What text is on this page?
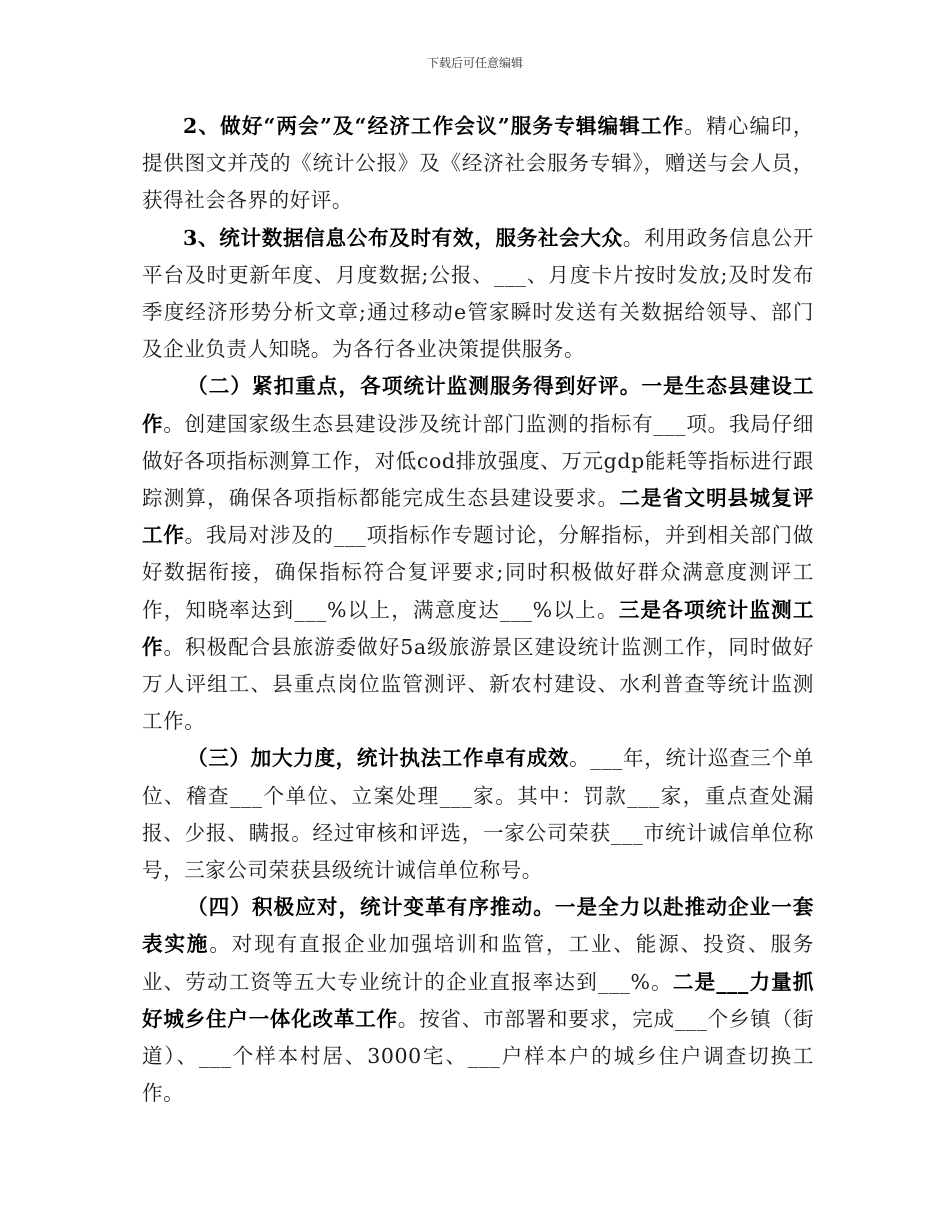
下载后可任意编辑

2、做好“两会”及“经济工作会议”服务专辑编辑工作。精心编印，提供图文并茂的《统计公报》及《经济社会服务专辑》，赠送与会人员，获得社会各界的好评。

3、统计数据信息公布及时有效，服务社会大众。利用政务信息公开平台及时更新年度、月度数据;公报、___、月度卡片按时发放;及时发布季度经济形势分析文章;通过移动e管家瞬时发送有关数据给领导、部门及企业负责人知晓。为各行各业决策提供服务。

（二）紧扣重点，各项统计监测服务得到好评。一是生态县建设工作。创建国家级生态县建设涉及统计部门监测的指标有___项。我局仔细做好各项指标测算工作，对低cod排放强度、万元gdp能耗等指标进行跟踪测算，确保各项指标都能完成生态县建设要求。二是省文明县城复评工作。我局对涉及的___项指标作专题讨论，分解指标，并到相关部门做好数据衔接，确保指标符合复评要求;同时积极做好群众满意度测评工作，知晓率达到___%以上，满意度达___%以上。三是各项统计监测工作。积极配合县旅游委做好5a级旅游景区建设统计监测工作，同时做好万人评组工、县重点岗位监管测评、新农村建设、水利普查等统计监测工作。

（三）加大力度，统计执法工作卓有成效。___年，统计巡查三个单位、稽查___个单位、立案处理___家。其中：罚款___家，重点查处漏报、少报、瞒报。经过审核和评选，一家公司荣获___市统计诚信单位称号，三家公司荣获县级统计诚信单位称号。

（四）积极应对，统计变革有序推动。一是全力以赴推动企业一套表实施。对现有直报企业加强培训和监管，工业、能源、投资、服务业、劳动工资等五大专业统计的企业直报率达到___%。二是___力量抓好城乡住户一体化改革工作。按省、市部署和要求，完成___个乡镇（街道）、___个样本村居、3000宅、___户样本户的城乡住户调查切换工作。
